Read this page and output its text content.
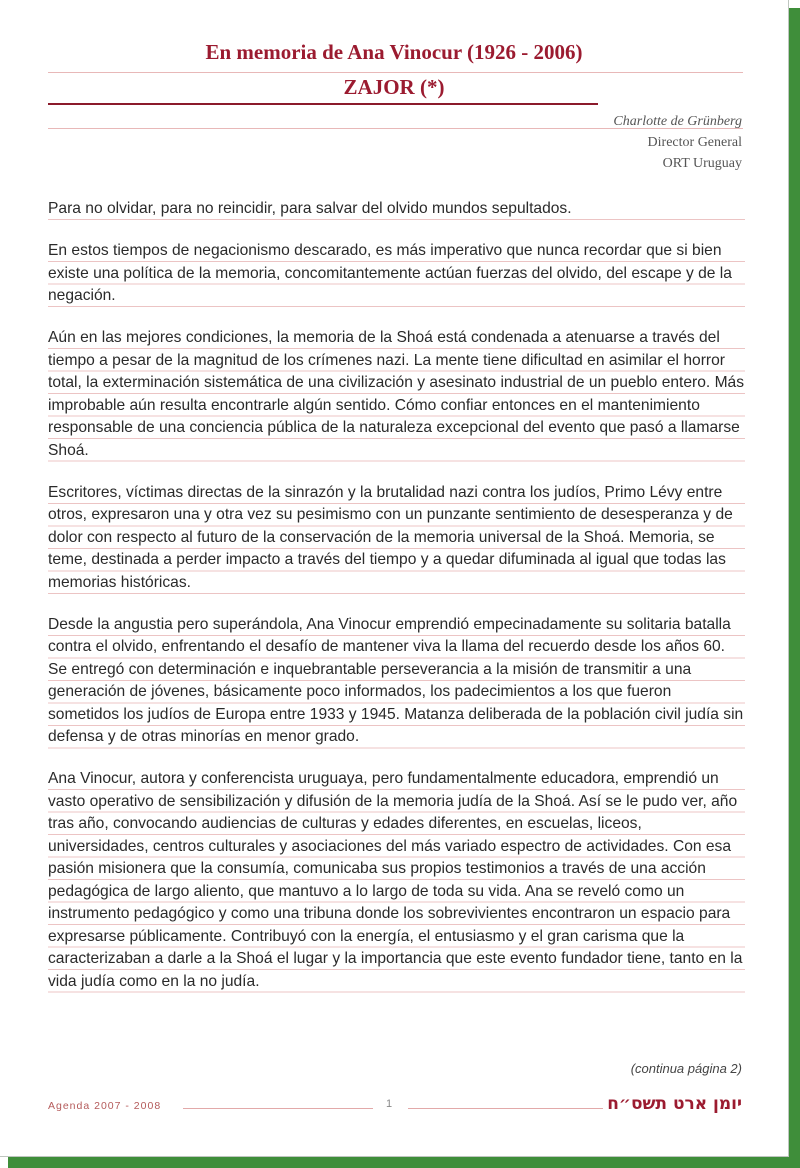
En memoria de Ana Vinocur (1926 - 2006)
ZAJOR (*)
Charlotte de Grünberg
Director General
ORT Uruguay

Para no olvidar, para no reincidir, para salvar del olvido mundos sepultados.

En estos tiempos de negacionismo descarado, es más imperativo que nunca recordar que si bien existe una política de la memoria, concomitantemente actúan fuerzas del olvido, del escape y de la negación.

Aún en las mejores condiciones, la memoria de la Shoá está condenada a atenuarse a través del tiempo a pesar de la magnitud de los crímenes nazi. La mente tiene dificultad en asimilar el horror total, la exterminación sistemática de una civilización y asesinato industrial de un pueblo entero. Más improbable aún resulta encontrarle algún sentido. Cómo confiar entonces en el mantenimiento responsable de una conciencia pública de la naturaleza excepcional del evento que pasó a llamarse Shoá.

Escritores, víctimas directas de la sinrazón y la brutalidad nazi contra los judíos, Primo Lévy entre otros, expresaron una y otra vez su pesimismo con un punzante sentimiento de desesperanza y de dolor con respecto al futuro de la conservación de la memoria universal de la Shoá. Memoria, se teme, destinada a perder impacto a través del tiempo y a quedar difuminada al igual que todas las memorias históricas.

Desde la angustia pero superándola, Ana Vinocur emprendió empecinadamente su solitaria batalla contra el olvido, enfrentando el desafío de mantener viva la llama del recuerdo desde los años 60. Se entregó con determinación e inquebrantable perseverancia a la misión de transmitir a una generación de jóvenes, básicamente poco informados, los padecimientos a los que fueron sometidos los judíos de Europa entre 1933 y 1945. Matanza deliberada de la población civil judía sin defensa y de otras minorías en menor grado.

Ana Vinocur, autora y conferencista uruguaya, pero fundamentalmente educadora, emprendió un vasto operativo de sensibilización y difusión de la memoria judía de la Shoá. Así se le pudo ver, año tras año, convocando audiencias de culturas y edades diferentes, en escuelas, liceos, universidades, centros culturales y asociaciones del más variado espectro de actividades. Con esa pasión misionera que la consumía, comunicaba sus propios testimonios a través de una acción pedagógica de largo aliento, que mantuvo a lo largo de toda su vida. Ana se reveló como un instrumento pedagógico y como una tribuna donde los sobrevivientes encontraron un espacio para expresarse públicamente. Contribuyó con la energía, el entusiasmo y el gran carisma que la caracterizaban a darle a la Shoá el lugar y la importancia que este evento fundador tiene, tanto en la vida judía como en la no judía.

(continua página 2)
Agenda 2007 - 2008	1	יומן ארט תשס״ח
